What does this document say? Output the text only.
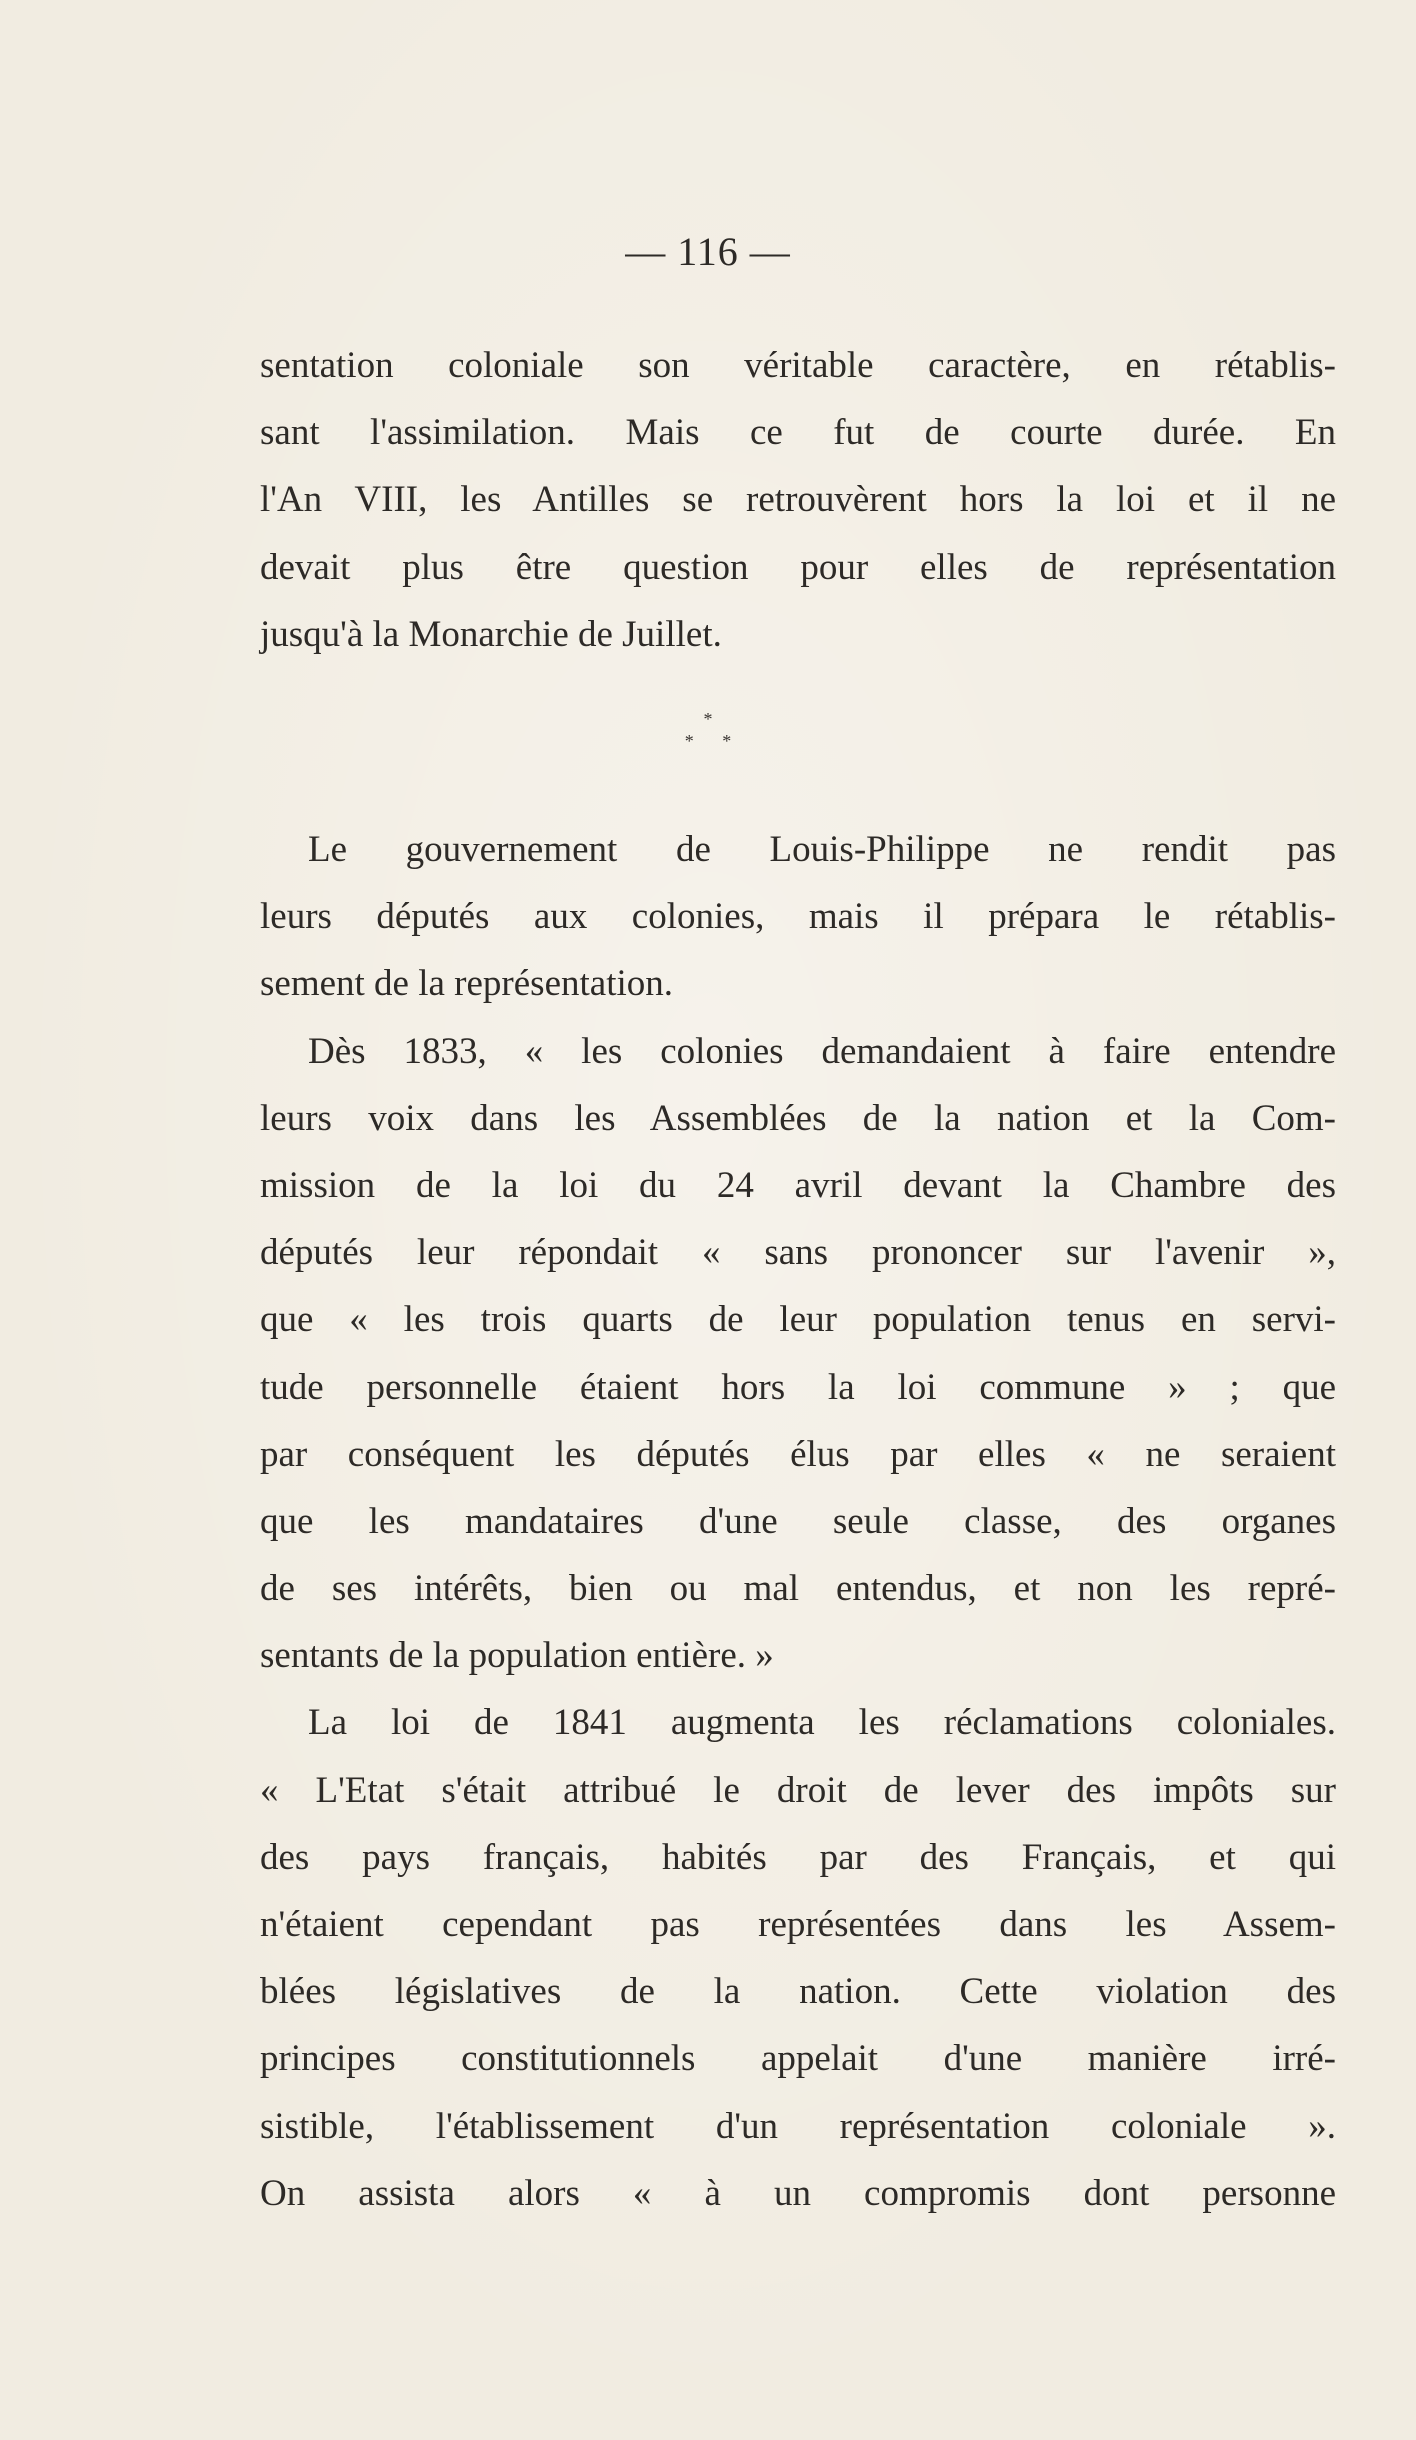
— 116 —
sentation coloniale son véritable caractère, en rétablis-
sant l'assimilation. Mais ce fut de courte durée. En
l'An VIII, les Antilles se retrouvèrent hors la loi et il ne
devait plus être question pour elles de représentation
jusqu'à la Monarchie de Juillet.
*
* *
Le gouvernement de Louis-Philippe ne rendit pas
leurs députés aux colonies, mais il prépara le rétablis-
sement de la représentation.
Dès 1833, « les colonies demandaient à faire entendre
leurs voix dans les Assemblées de la nation et la Com-
mission de la loi du 24 avril devant la Chambre des
députés leur répondait « sans prononcer sur l'avenir »,
que « les trois quarts de leur population tenus en servi-
tude personnelle étaient hors la loi commune » ; que
par conséquent les députés élus par elles « ne seraient
que les mandataires d'une seule classe, des organes
de ses intérêts, bien ou mal entendus, et non les repré-
sentants de la population entière. »
La loi de 1841 augmenta les réclamations coloniales.
« L'Etat s'était attribué le droit de lever des impôts sur
des pays français, habités par des Français, et qui
n'étaient cependant pas représentées dans les Assem-
blées législatives de la nation. Cette violation des
principes constitutionnels appelait d'une manière irré-
sistible, l'établissement d'un représentation coloniale ».
On assista alors « à un compromis dont personne
